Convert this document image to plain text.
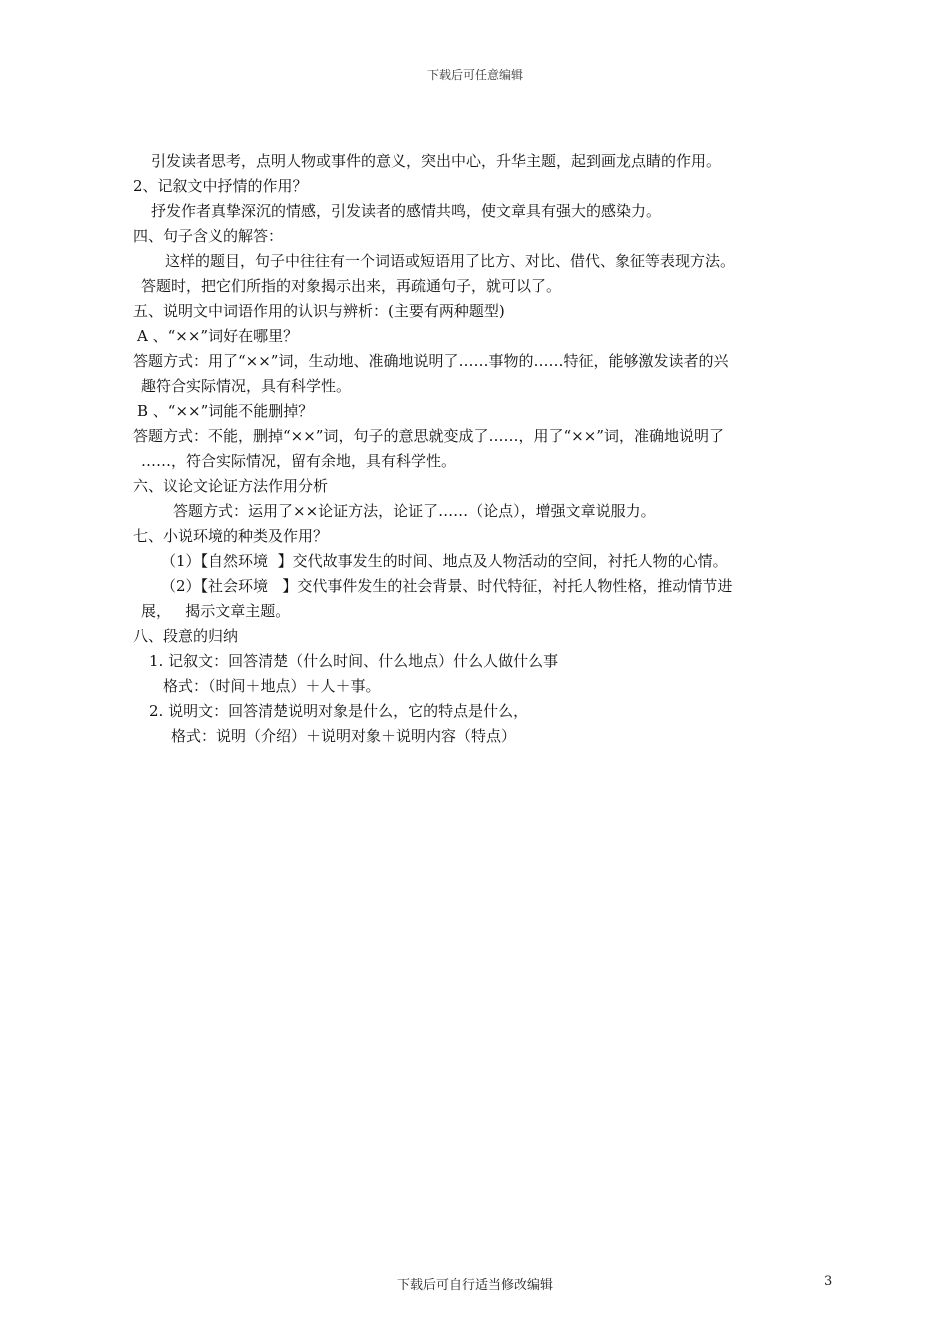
下载后可任意编辑
引发读者思考，点明人物或事件的意义，突出中心，升华主题，起到画龙点睛的作用。
2、记叙文中抒情的作用？
抒发作者真挚深沉的情感，引发读者的感情共鸣，使文章具有强大的感染力。
四、句子含义的解答：
这样的题目，句子中往往有一个词语或短语用了比方、对比、借代、象征等表现方法。
答题时，把它们所指的对象揭示出来，再疏通句子，就可以了。
五、说明文中词语作用的认识与辨析：(主要有两种题型)
A 、“××”词好在哪里？
答题方式：用了“××”词，生动地、准确地说明了……事物的……特征，能够激发读者的兴
趣符合实际情况，具有科学性。
B 、“××”词能不能删掉？
答题方式：不能，删掉“××”词，句子的意思就变成了……，用了“××”词，准确地说明了
……，符合实际情况，留有余地，具有科学性。
六、议论文论证方法作用分析
答题方式：运用了××论证方法，论证了……（论点），增强文章说服力。
七、小说环境的种类及作用？
（1）【自然环境  】交代故事发生的时间、地点及人物活动的空间，衬托人物的心情。
（2）【社会环境   】交代事件发生的社会背景、时代特征，衬托人物性格，推动情节进
展，   揭示文章主题。
八、段意的归纳
1. 记叙文：回答清楚（什么时间、什么地点）什么人做什么事
格式：（时间＋地点）＋人＋事。
2. 说明文：回答清楚说明对象是什么，它的特点是什么，
格式：说明（介绍）＋说明对象＋说明内容（特点）
下载后可自行适当修改编辑	3
